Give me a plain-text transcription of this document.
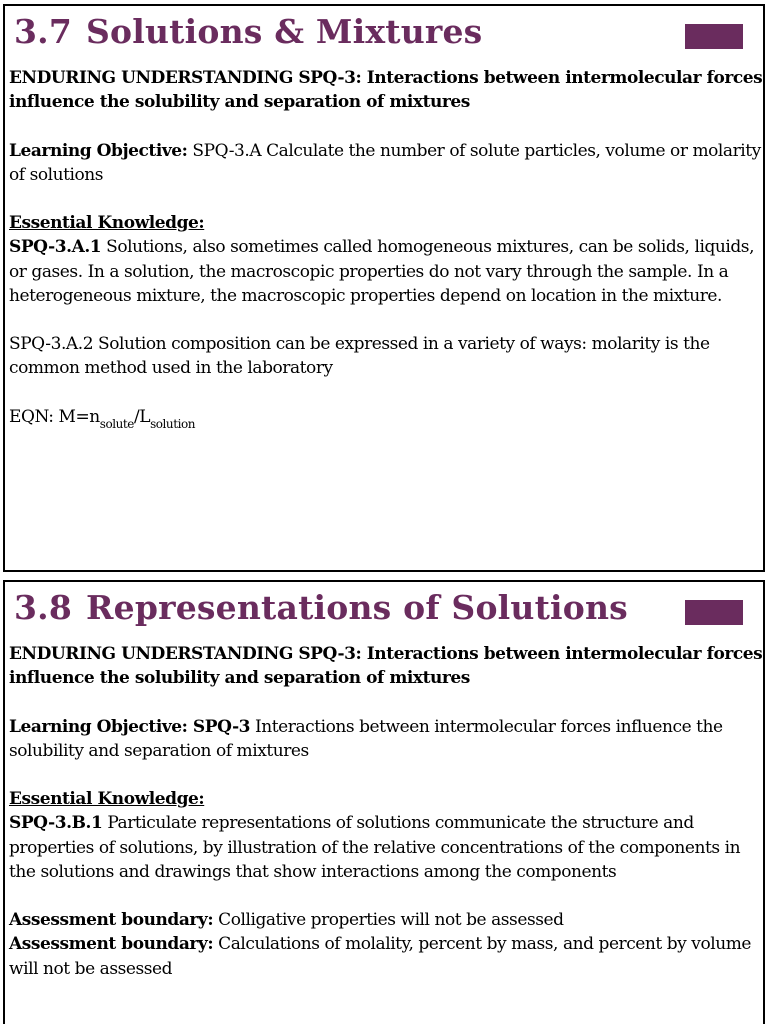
3.7 Solutions & Mixtures

ENDURING UNDERSTANDING SPQ-3: Interactions between intermolecular forces influence the solubility and separation of mixtures

Learning Objective: SPQ-3.A Calculate the number of solute particles, volume or molarity of solutions

Essential Knowledge:

SPQ-3.A.1 Solutions, also sometimes called homogeneous mixtures, can be solids, liquids, or gases. In a solution, the macroscopic properties do not vary through the sample. In a heterogeneous mixture, the macroscopic properties depend on location in the mixture.

SPQ-3.A.2 Solution composition can be expressed in a variety of ways: molarity is the common method used in the laboratory

EQN: $M=n_{solute}/L_{solution}$

3.8 Representations of Solutions

ENDURING UNDERSTANDING SPQ-3: Interactions between intermolecular forces influence the solubility and separation of mixtures

Learning Objective: SPQ-3 Interactions between intermolecular forces influence the solubility and separation of mixtures

Essential Knowledge:

SPQ-3.B.1 Particulate representations of solutions communicate the structure and properties of solutions, by illustration of the relative concentrations of the components in the solutions and drawings that show interactions among the components

Assessment boundary: Colligative properties will not be assessed

Assessment boundary: Calculations of molality, percent by mass, and percent by volume will not be assessed
